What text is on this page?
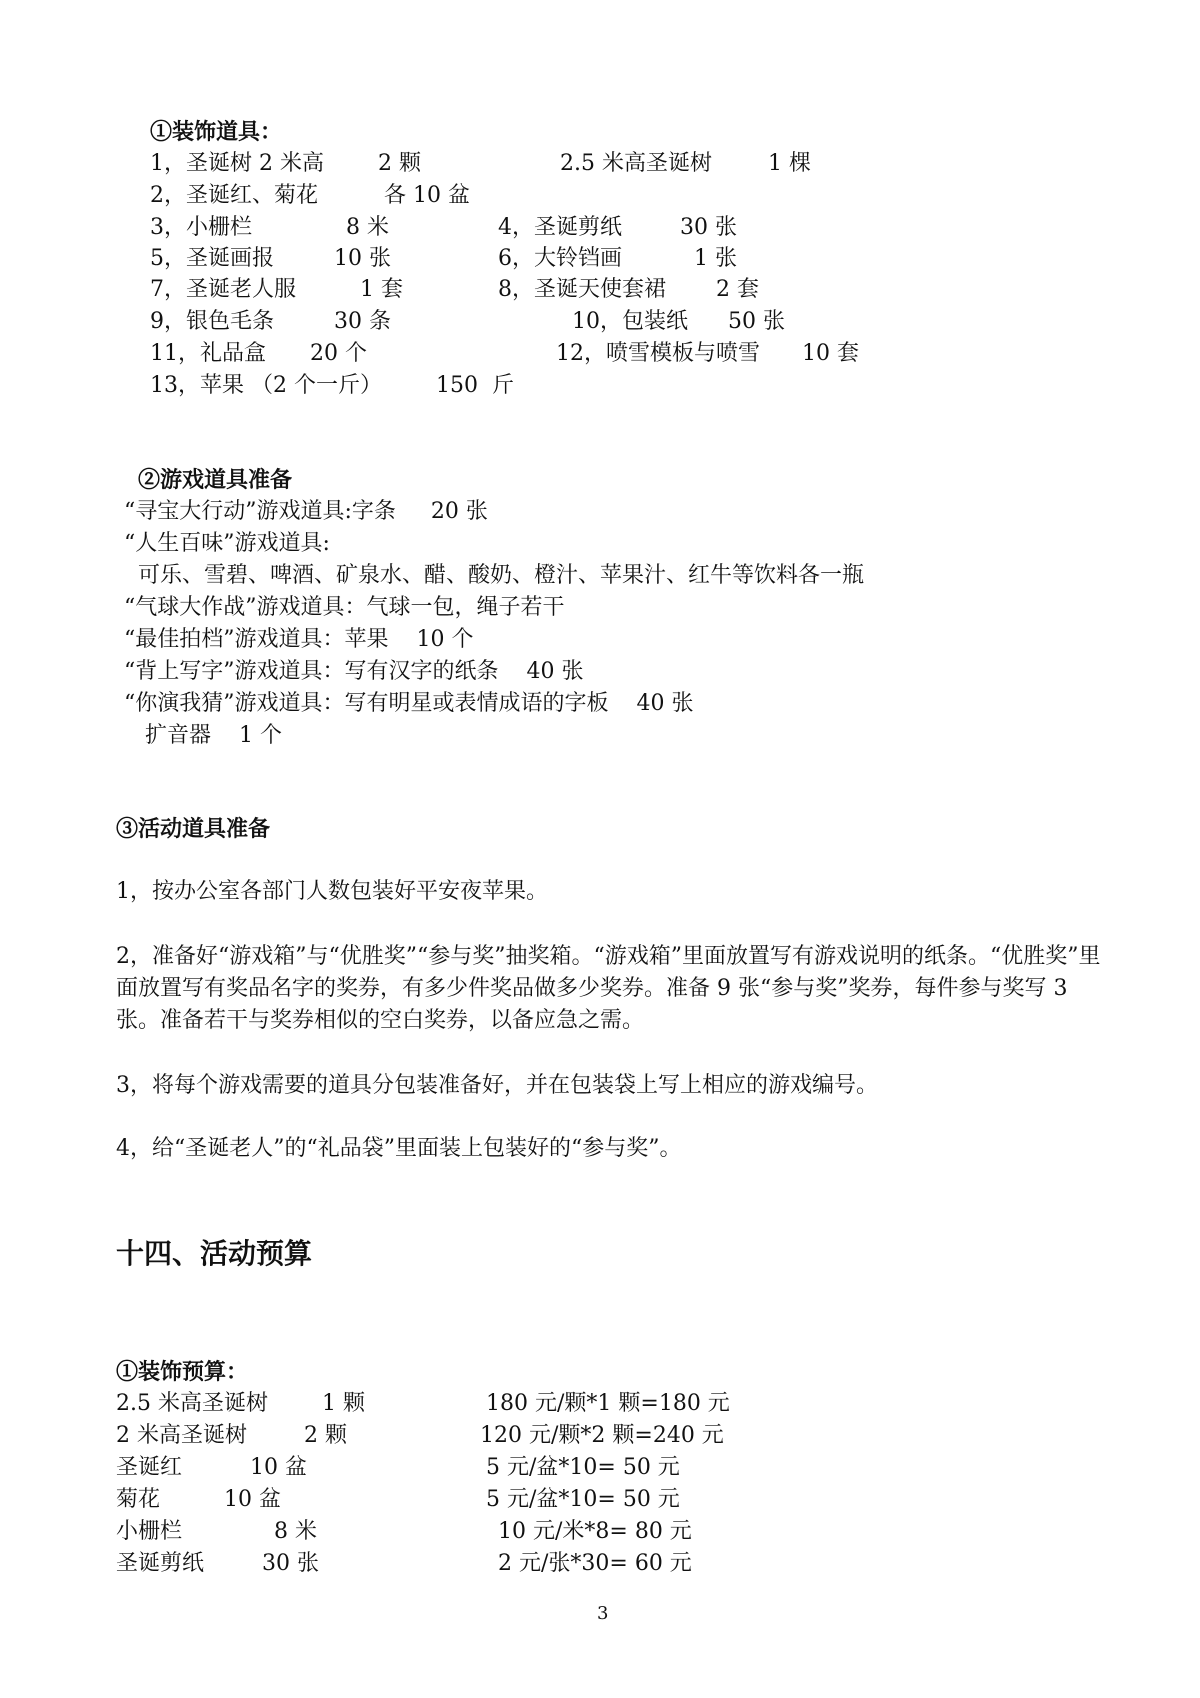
①装饰道具：
1，圣诞树 2 米高 2 颗	2.5 米高圣诞树	1 棵
2，圣诞红、菊花	各 10 盆
3，小栅栏	8 米	4，圣诞剪纸	30 张
5，圣诞画报	10 张	6，大铃铛画	1 张
7，圣诞老人服	1 套	8，圣诞天使套裙 2 套
9，银色毛条	30 条	10，包装纸 50 张
11，礼品盒 20 个	12，喷雪模板与喷雪 10 套
13，苹果 （2 个一斤） 150  斤
②游戏道具准备
“寻宝大行动”游戏道具:字条     20 张
“人生百味”游戏道具:
可乐、雪碧、啤酒、矿泉水、醋、酸奶、橙汁、苹果汁、红牛等饮料各一瓶
“气球大作战”游戏道具：气球一包，绳子若干
“最佳拍档”游戏道具：苹果    10 个
“背上写字”游戏道具：写有汉字的纸条    40 张
“你演我猜”游戏道具：写有明星或表情成语的字板    40 张
扩音器    1 个
③活动道具准备
1，按办公室各部门人数包装好平安夜苹果。
2，准备好“游戏箱”与“优胜奖”“参与奖”抽奖箱。“游戏箱”里面放置写有游戏说明的纸条。“优胜奖”里面放置写有奖品名字的奖券，有多少件奖品做多少奖券。准备 9 张“参与奖”奖券，每件参与奖写 3 张。准备若干与奖券相似的空白奖券，以备应急之需。
3，将每个游戏需要的道具分包装准备好，并在包装袋上写上相应的游戏编号。
4，给“圣诞老人”的“礼品袋”里面装上包装好的“参与奖”。
十四、活动预算
①装饰预算：
2.5 米高圣诞树 1 颗	180 元/颗*1 颗=180 元
2 米高圣诞树	2 颗	120 元/颗*2 颗=240 元
圣诞红	10 盆	5 元/盆*10= 50 元
菊花	10 盆	5 元/盆*10= 50 元
小栅栏	8 米	10 元/米*8= 80 元
圣诞剪纸	30 张	2 元/张*30= 60 元
3
